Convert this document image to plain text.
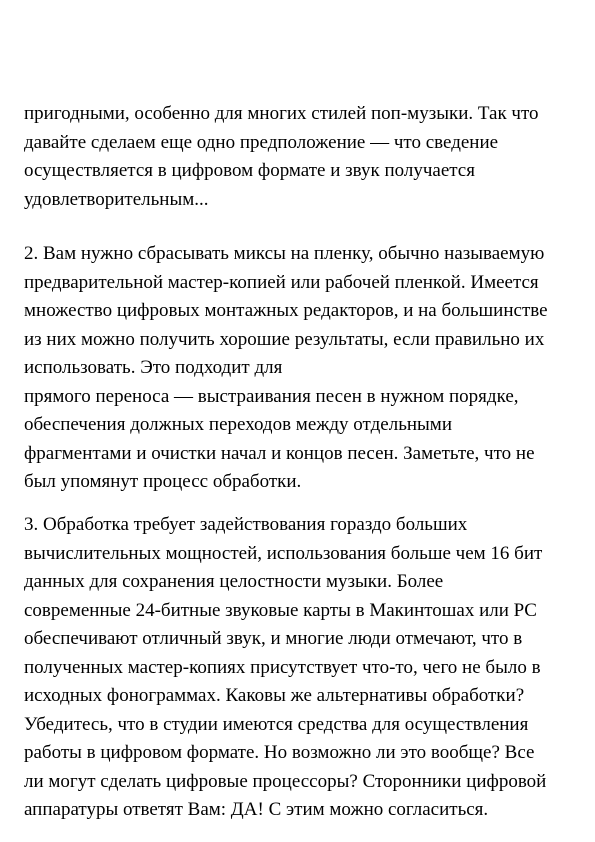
пригодными, особенно для многих стилей поп-музыки. Так что
давайте сделаем еще одно предположение — что сведение
осуществляется в цифровом формате и звук получается
удовлетворительным...
2. Вам нужно сбрасывать миксы на пленку, обычно называемую
предварительной мастер-копией или рабочей пленкой. Имеется
множество цифровых монтажных редакторов, и на большинстве
из них можно получить хорошие результаты, если правильно их
использовать. Это подходит для
прямого переноса — выстраивания песен в нужном порядке,
обеспечения должных переходов между отдельными
фрагментами и очистки начал и концов песен. Заметьте, что не
был упомянут процесс обработки.
3. Обработка требует задействования гораздо больших
вычислительных мощностей, использования больше чем 16 бит
данных для сохранения целостности музыки. Более
современные 24-битные звуковые карты в Макинтошах или PC
обеспечивают отличный звук, и многие люди отмечают, что в
полученных мастер-копиях присутствует что-то, чего не было в
исходных фонограммах. Каковы же альтернативы обработки?
Убедитесь, что в студии имеются средства для осуществления
работы в цифровом формате. Но возможно ли это вообще? Все
ли могут сделать цифровые процессоры? Сторонники цифровой
аппаратуры ответят Вам: ДА! С этим можно согласиться.
